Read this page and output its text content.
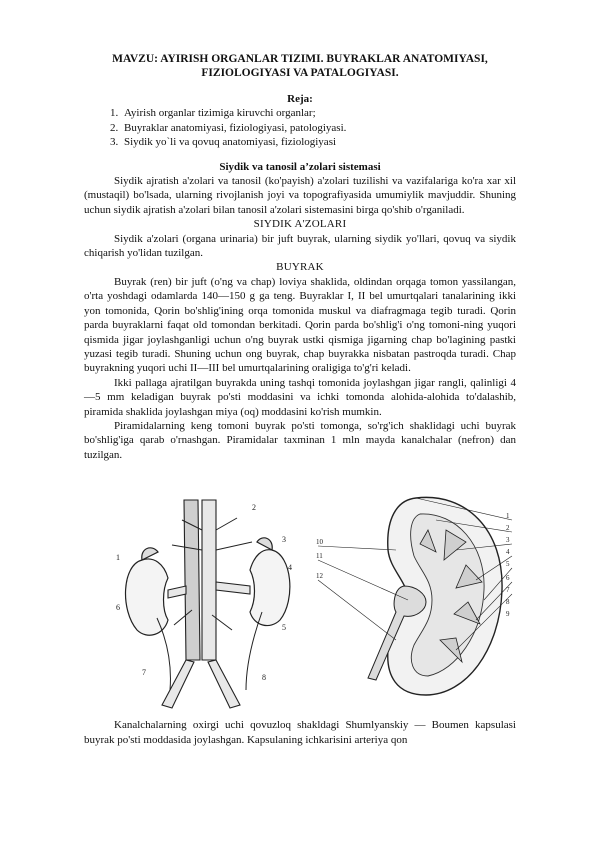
MAVZU: AYIRISH ORGANLAR TIZIMI. BUYRAKLAR ANATOMIYASI, FIZIOLOGIYASI VA PATALOGIYASI.
Reja:
1. Ayirish organlar tizimiga kiruvchi organlar;
2. Buyraklar anatomiyasi, fiziologiyasi, patologiyasi.
3. Siydik yo`li va qovuq anatomiyasi, fiziologiyasi
Siydik va tanosil a’zolari sistemasi

Siydik ajratish a'zolari va tanosil (ko'payish) a'zolari tuzilishi va vazifalariga ko'ra xar xil (mustaqil) bo'lsada, ularning rivojlanish joyi va topografiyasida umumiylik mavjuddir. Shuning uchun siydik ajratish a'zolari bilan tanosil a'zolari sistemasini birga qo'shib o'rganiladi.

SIYDIK A'ZOLARI

Siydik a'zolari (organa urinaria) bir juft buyrak, ularning siydik yo'llari, qovuq va siydik chiqarish yo'lidan tuzilgan.

BUYRAK

Buyrak (ren) bir juft (o'ng va chap) loviya shaklida, oldindan orqaga tomon yassilangan, o'rta yoshdagi odamlarda 140—150 g ga teng. Buyraklar I, II bel umurtqalari tanalarining ikki yon tomonida, Qorin bo'shlig'ining orqa tomonida muskul va diafragmaga tegib turadi. Qorin parda buyraklarni faqat old tomondan berkitadi. Qorin parda bo'shlig'i o'ng tomoni-ning yuqori qismida jigar joylashganligi uchun o'ng buyrak ustki qismiga jigarning chap bo'lagining pastki yuzasi tegib turadi. Shuning uchun ong buyrak, chap buyrakka nisbatan pastroqda turadi. Chap buyrakning yuqori uchi II—III bel umurtqalarining oraligiga to'g'ri keladi.

Ikki pallaga ajratilgan buyrakda uning tashqi tomonida joylashgan jigar rangli, qalinligi 4—5 mm keladigan buyrak po'sti moddasini va ichki tomonda alohida-alohida to'dalashib, piramida shaklida joylashgan miya (oq) moddasini ko'rish mumkin.

Piramidalarning keng tomoni buyrak po'sti tomonga, so'rg'ich shaklidagi uchi buyrak bo'shlig'iga qarab o'rnashgan. Piramidalar taxminan 1 mln mayda kanalchalar (nefron) dan tuzilgan.

1
2
3
4
5
6
7
8
1
2
3
4
5
6
7
8
9
10
11
12

Kanalchalarning oxirgi uchi qovuzloq shakldagi Shumlyanskiy — Boumen kapsulasi buyrak po'sti moddasida joylashgan. Kapsulaning ichkarisini arteriya qon
